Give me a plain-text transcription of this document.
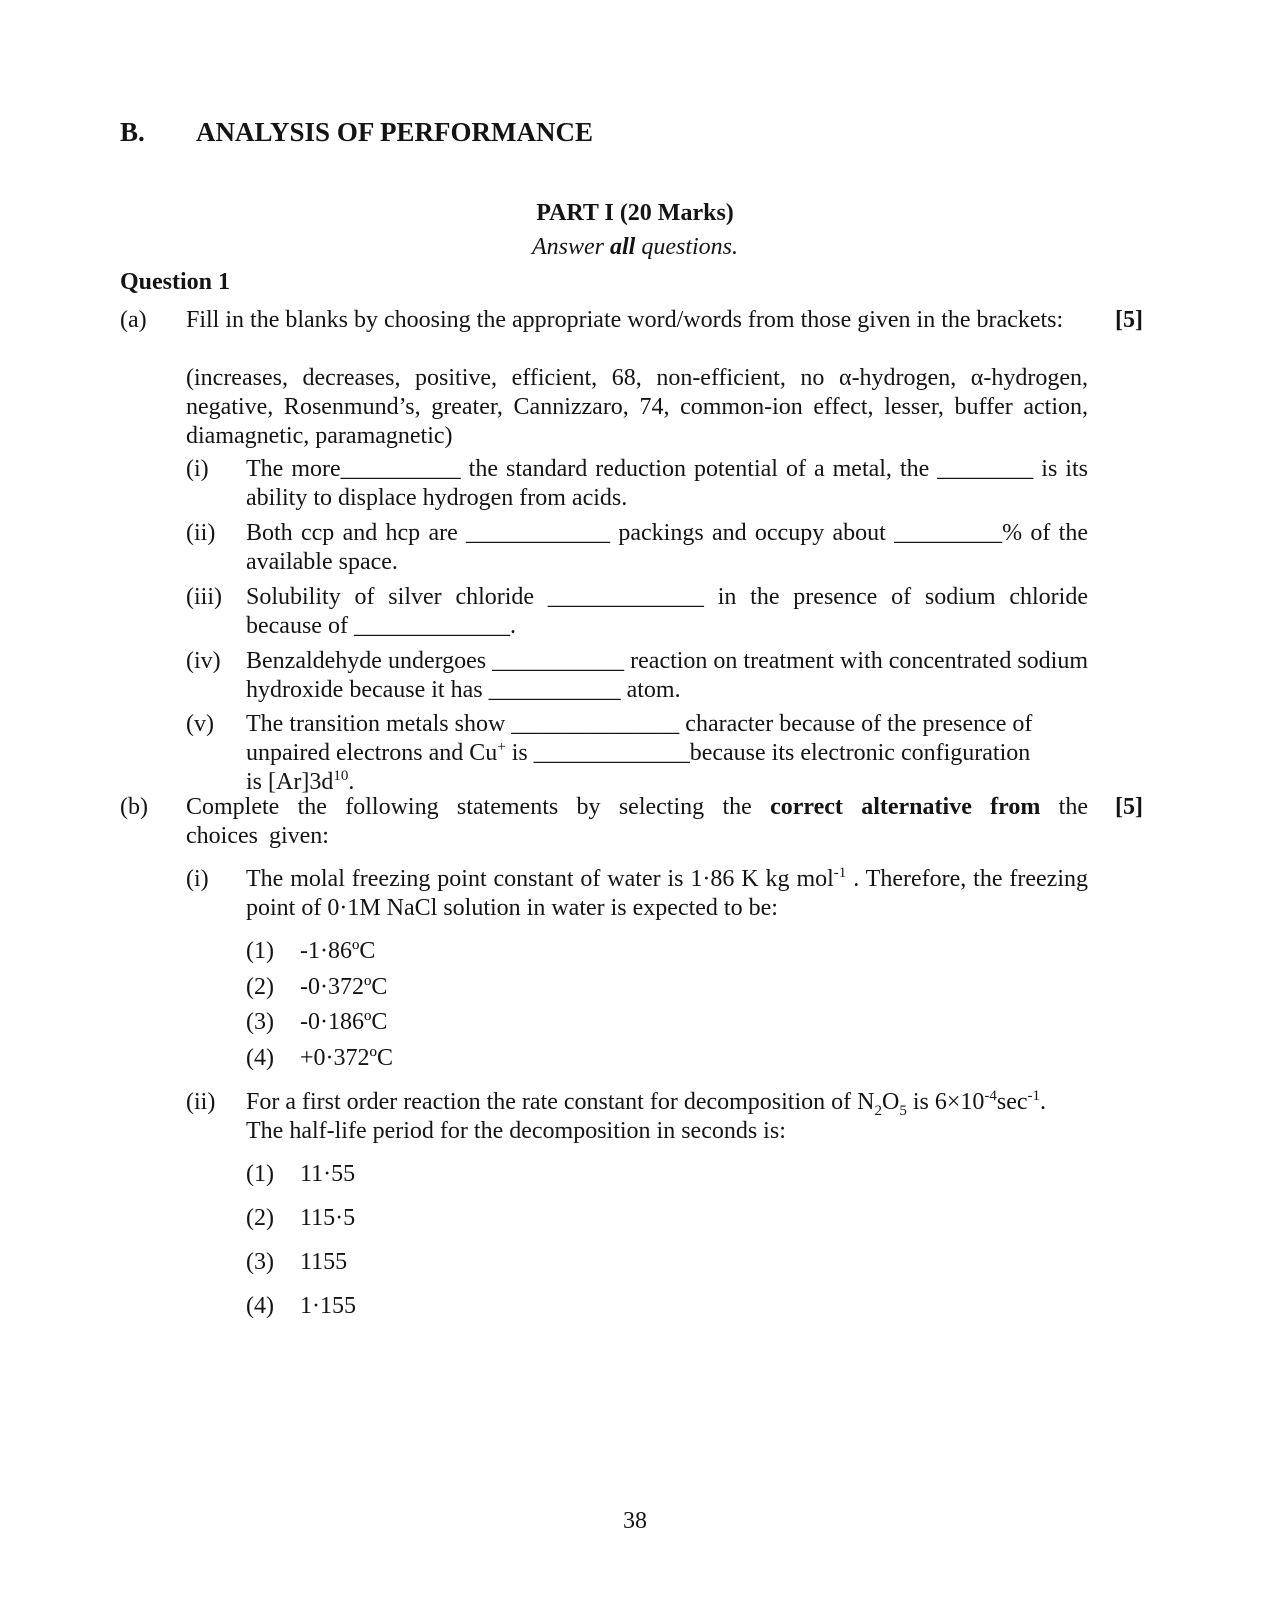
B. ANALYSIS OF PERFORMANCE
PART I (20 Marks)
Answer all questions.
Question 1
(a)	[5]
Fill in the blanks by choosing the appropriate word/words from those given in the brackets:
(increases, decreases, positive, efficient, 68, non-efficient, no α-hydrogen, α-hydrogen, negative, Rosenmund’s, greater, Cannizzaro, 74, common-ion effect, lesser, buffer action, diamagnetic, paramagnetic)
(i) The more__________ the standard reduction potential of a metal, the ________ is its ability to displace hydrogen from acids.
(ii) Both ccp and hcp are ____________ packings and occupy about _________% of the available space.
(iii) Solubility of silver chloride _____________ in the presence of sodium chloride because of _____________.
(iv) Benzaldehyde undergoes ___________ reaction on treatment with concentrated sodium hydroxide because it has ___________ atom.
(v) The transition metals show ______________ character because of the presence of
unpaired electrons and Cu+ is _____________because its electronic configuration
is $[Ar]3d^{10}$.
(b)	[5]
Complete the following statements by selecting the correct alternative from the choices given:
(i) The molal freezing point constant of water is 1·86 K kg mol$^{-1}$ . Therefore, the freezing point of 0·1M NaCl solution in water is expected to be:
(1) -1·86ºC
(2) -0·372ºC
(3) -0·186ºC
(4) +0·372ºC
(ii) For a first order reaction the rate constant for decomposition of $N_2O_5$ is $6\times 10^{-4}\sec^{-1}$.
The half-life period for the decomposition in seconds is:
(1) 11·55
(2) 115·5
(3) 1155
(4) 1·155
38
